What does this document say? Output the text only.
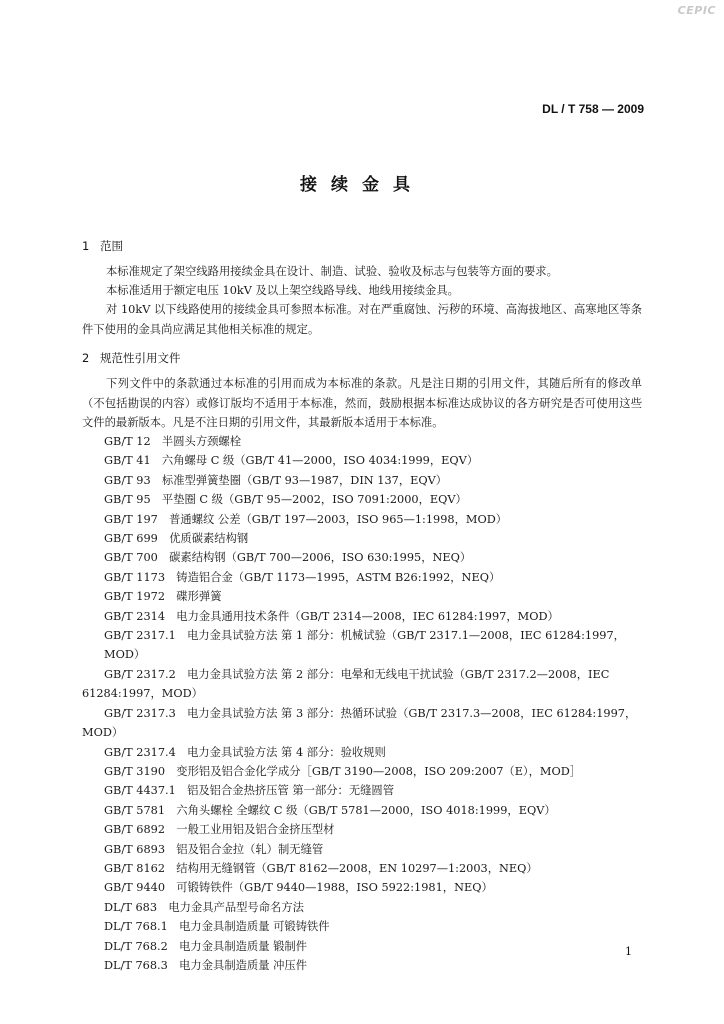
CEPIC
DL / T 758 — 2009
接续金具
1 范围

本标准规定了架空线路用接续金具在设计、制造、试验、验收及标志与包装等方面的要求。

本标准适用于额定电压 10kV 及以上架空线路导线、地线用接续金具。

对 10kV 以下线路使用的接续金具可参照本标准。对在严重腐蚀、污秽的环境、高海拔地区、高寒地区等条件下使用的金具尚应满足其他相关标准的规定。

2 规范性引用文件

下列文件中的条款通过本标准的引用而成为本标准的条款。凡是注日期的引用文件，其随后所有的修改单（不包括勘误的内容）或修订版均不适用于本标准，然而，鼓励根据本标准达成协议的各方研究是否可使用这些文件的最新版本。凡是不注日期的引用文件，其最新版本适用于本标准。

GB/T 12　半圆头方颈螺栓
GB/T 41　六角螺母 C 级（GB/T 41—2000，ISO 4034:1999，EQV）
GB/T 93　标准型弹簧垫圈（GB/T 93—1987，DIN 137，EQV）
GB/T 95　平垫圈 C 级（GB/T 95—2002，ISO 7091:2000，EQV）
GB/T 197　普通螺纹 公差（GB/T 197—2003，ISO 965—1:1998，MOD）
GB/T 699　优质碳素结构钢
GB/T 700　碳素结构钢（GB/T 700—2006，ISO 630:1995，NEQ）
GB/T 1173　铸造铝合金（GB/T 1173—1995，ASTM B26:1992，NEQ）
GB/T 1972　碟形弹簧
GB/T 2314　电力金具通用技术条件（GB/T 2314—2008，IEC 61284:1997，MOD）
GB/T 2317.1　电力金具试验方法 第 1 部分：机械试验（GB/T 2317.1—2008，IEC 61284:1997，MOD）
GB/T 2317.2　电力金具试验方法 第 2 部分：电晕和无线电干扰试验（GB/T 2317.2—2008，IEC 61284:1997，MOD）
GB/T 2317.3　电力金具试验方法 第 3 部分：热循环试验（GB/T 2317.3—2008，IEC 61284:1997，MOD）
GB/T 2317.4　电力金具试验方法 第 4 部分：验收规则
GB/T 3190　变形铝及铝合金化学成分［GB/T 3190—2008，ISO 209:2007（E），MOD］
GB/T 4437.1　铝及铝合金热挤压管 第一部分：无缝圆管
GB/T 5781　六角头螺栓 全螺纹 C 级（GB/T 5781—2000，ISO 4018:1999，EQV）
GB/T 6892　一般工业用铝及铝合金挤压型材
GB/T 6893　铝及铝合金拉（轧）制无缝管
GB/T 8162　结构用无缝钢管（GB/T 8162—2008，EN 10297—1:2003，NEQ）
GB/T 9440　可锻铸铁件（GB/T 9440—1988，ISO 5922:1981，NEQ）
DL/T 683　电力金具产品型号命名方法
DL/T 768.1　电力金具制造质量 可锻铸铁件
DL/T 768.2　电力金具制造质量 锻制件
DL/T 768.3　电力金具制造质量 冲压件
1
